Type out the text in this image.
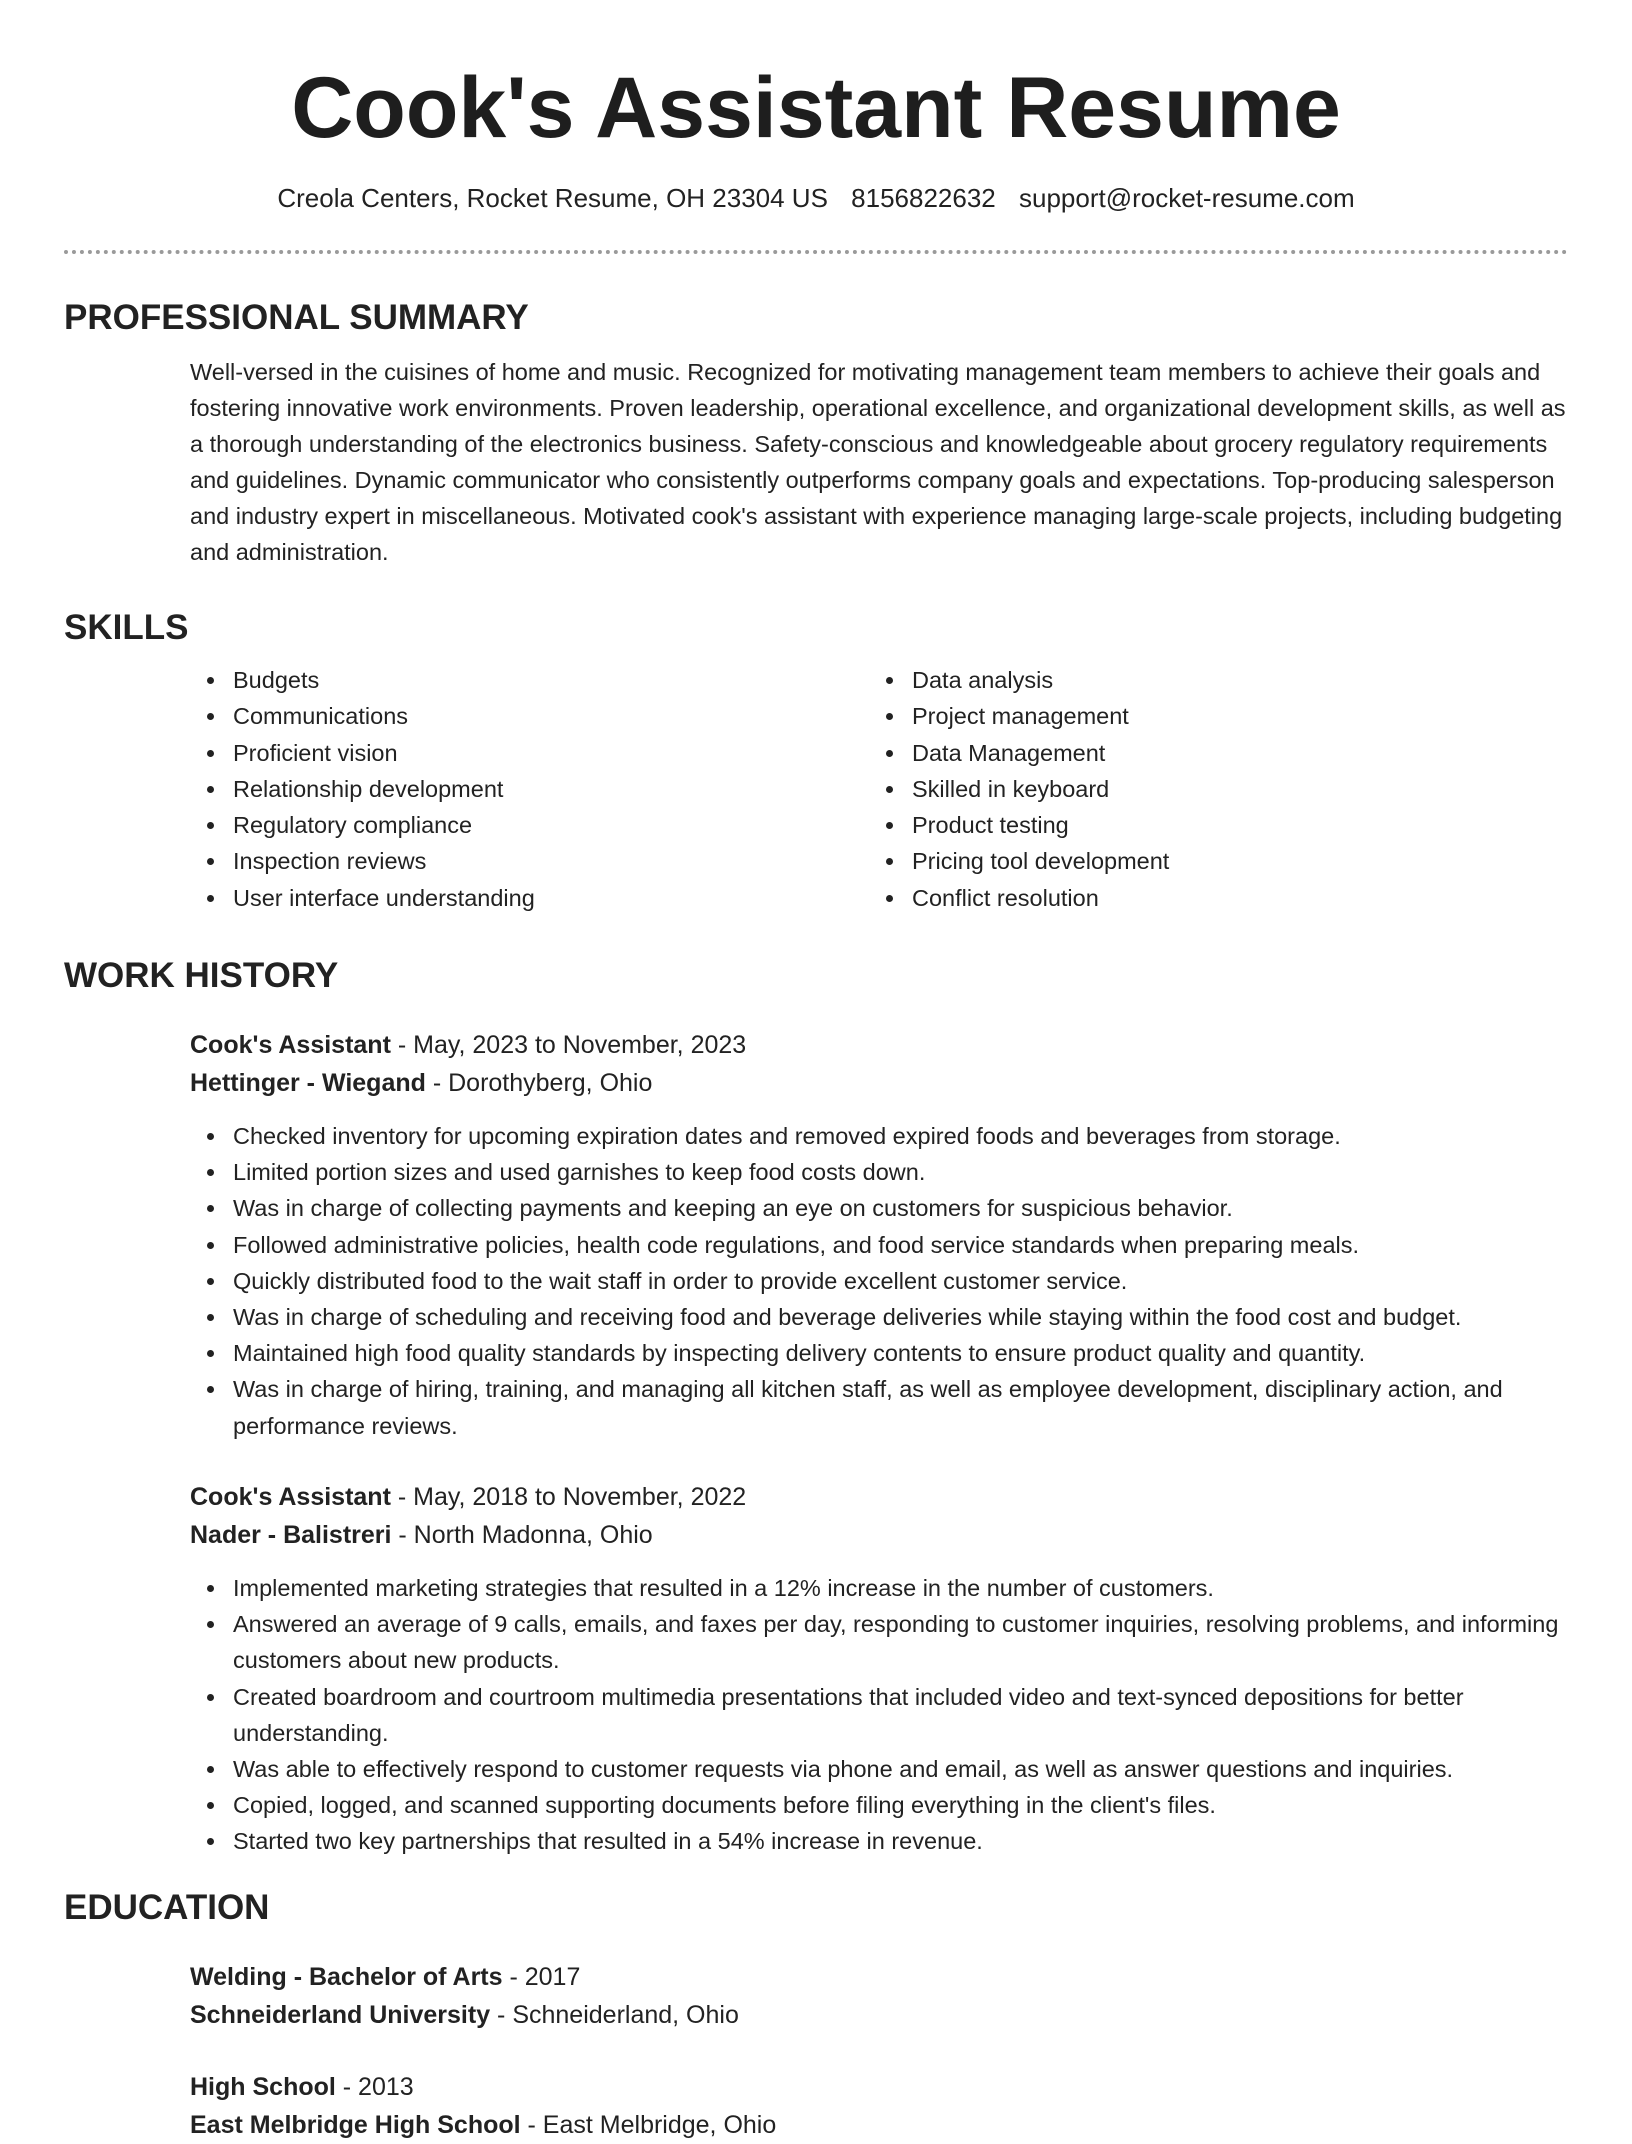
Cook's Assistant Resume
Creola Centers, Rocket Resume, OH 23304 US 8156822632 support@rocket-resume.com
PROFESSIONAL SUMMARY

Well-versed in the cuisines of home and music. Recognized for motivating management team members to achieve their goals and fostering innovative work environments. Proven leadership, operational excellence, and organizational development skills, as well as a thorough understanding of the electronics business. Safety-conscious and knowledgeable about grocery regulatory requirements and guidelines. Dynamic communicator who consistently outperforms company goals and expectations. Top-producing salesperson and industry expert in miscellaneous. Motivated cook's assistant with experience managing large-scale projects, including budgeting and administration.

SKILLS
Budgets
Communications
Proficient vision
Relationship development
Regulatory compliance
Inspection reviews
User interface understanding
Data analysis
Project management
Data Management
Skilled in keyboard
Product testing
Pricing tool development
Conflict resolution
WORK HISTORY
Cook's Assistant - May, 2023 to November, 2023
Hettinger - Wiegand - Dorothyberg, Ohio
Checked inventory for upcoming expiration dates and removed expired foods and beverages from storage.
Limited portion sizes and used garnishes to keep food costs down.
Was in charge of collecting payments and keeping an eye on customers for suspicious behavior.
Followed administrative policies, health code regulations, and food service standards when preparing meals.
Quickly distributed food to the wait staff in order to provide excellent customer service.
Was in charge of scheduling and receiving food and beverage deliveries while staying within the food cost and budget.
Maintained high food quality standards by inspecting delivery contents to ensure product quality and quantity.
Was in charge of hiring, training, and managing all kitchen staff, as well as employee development, disciplinary action, and performance reviews.
Cook's Assistant - May, 2018 to November, 2022
Nader - Balistreri - North Madonna, Ohio
Implemented marketing strategies that resulted in a 12% increase in the number of customers.
Answered an average of 9 calls, emails, and faxes per day, responding to customer inquiries, resolving problems, and informing customers about new products.
Created boardroom and courtroom multimedia presentations that included video and text-synced depositions for better understanding.
Was able to effectively respond to customer requests via phone and email, as well as answer questions and inquiries.
Copied, logged, and scanned supporting documents before filing everything in the client's files.
Started two key partnerships that resulted in a 54% increase in revenue.
EDUCATION
Welding - Bachelor of Arts - 2017
Schneiderland University - Schneiderland, Ohio
High School - 2013
East Melbridge High School - East Melbridge, Ohio
